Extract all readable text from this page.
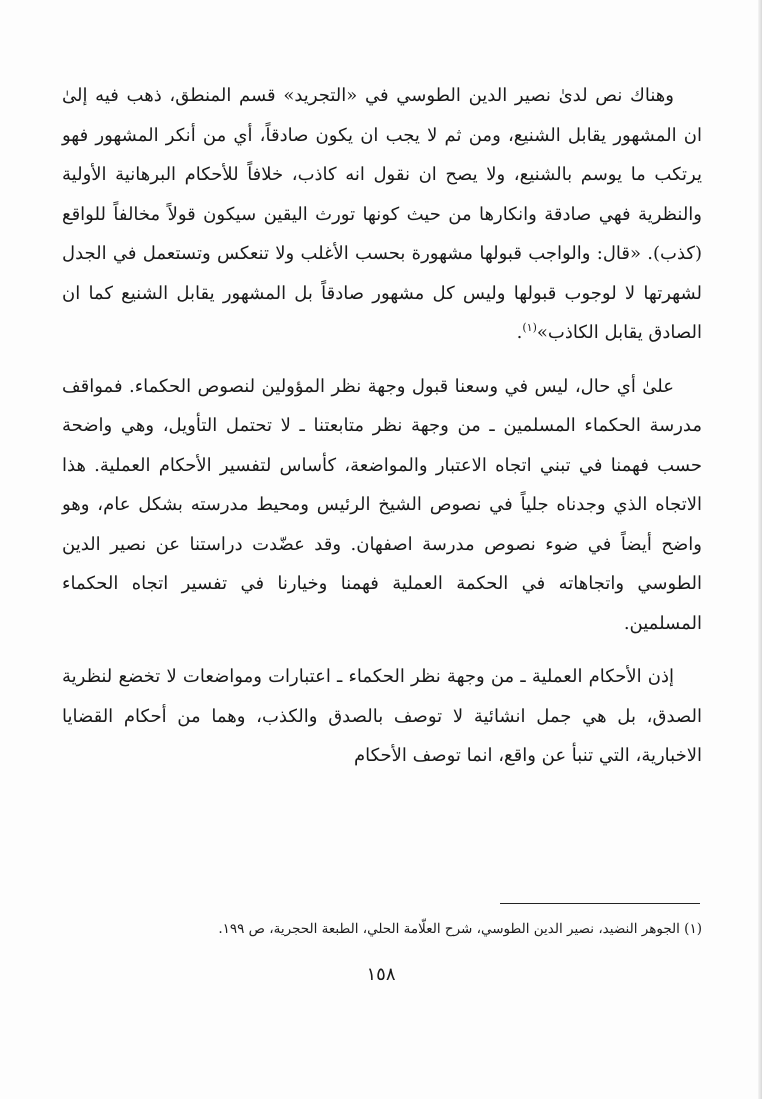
وهناك نص لدىٰ نصير الدين الطوسي في «التجريد» قسم المنطق، ذهب فيه إلىٰ ان المشهور يقابل الشنيع، ومن ثم لا يجب ان يكون صادقاً، أي من أنكر المشهور فهو يرتكب ما يوسم بالشنيع، ولا يصح ان نقول انه كاذب، خلافاً للأحكام البرهانية الأولية والنظرية فهي صادقة وانكارها من حيث كونها تورث اليقين سيكون قولاً مخالفاً للواقع (كذب). «قال: والواجب قبولها مشهورة بحسب الأغلب ولا تنعكس وتستعمل في الجدل لشهرتها لا لوجوب قبولها وليس كل مشهور صادقاً بل المشهور يقابل الشنيع كما ان الصادق يقابل الكاذب»$^{(١)}$.

علىٰ أي حال، ليس في وسعنا قبول وجهة نظر المؤولين لنصوص الحكماء. فمواقف مدرسة الحكماء المسلمين ـ من وجهة نظر متابعتنا ـ لا تحتمل التأويل، وهي واضحة حسب فهمنا في تبني اتجاه الاعتبار والمواضعة، كأساس لتفسير الأحكام العملية. هذا الاتجاه الذي وجدناه جلياً في نصوص الشيخ الرئيس ومحيط مدرسته بشكل عام، وهو واضح أيضاً في ضوء نصوص مدرسة اصفهان. وقد عضّدت دراستنا عن نصير الدين الطوسي واتجاهاته في الحكمة العملية فهمنا وخيارنا في تفسير اتجاه الحكماء المسلمين.

إذن الأحكام العملية ـ من وجهة نظر الحكماء ـ اعتبارات ومواضعات لا تخضع لنظرية الصدق، بل هي جمل انشائية لا توصف بالصدق والكذب، وهما من أحكام القضايا الاخبارية، التي تنبأ عن واقع، انما توصف الأحكام

(١) الجوهر النضيد، نصير الدين الطوسي، شرح العلّامة الحلي، الطبعة الحجرية، ص ١٩٩.
١٥٨
